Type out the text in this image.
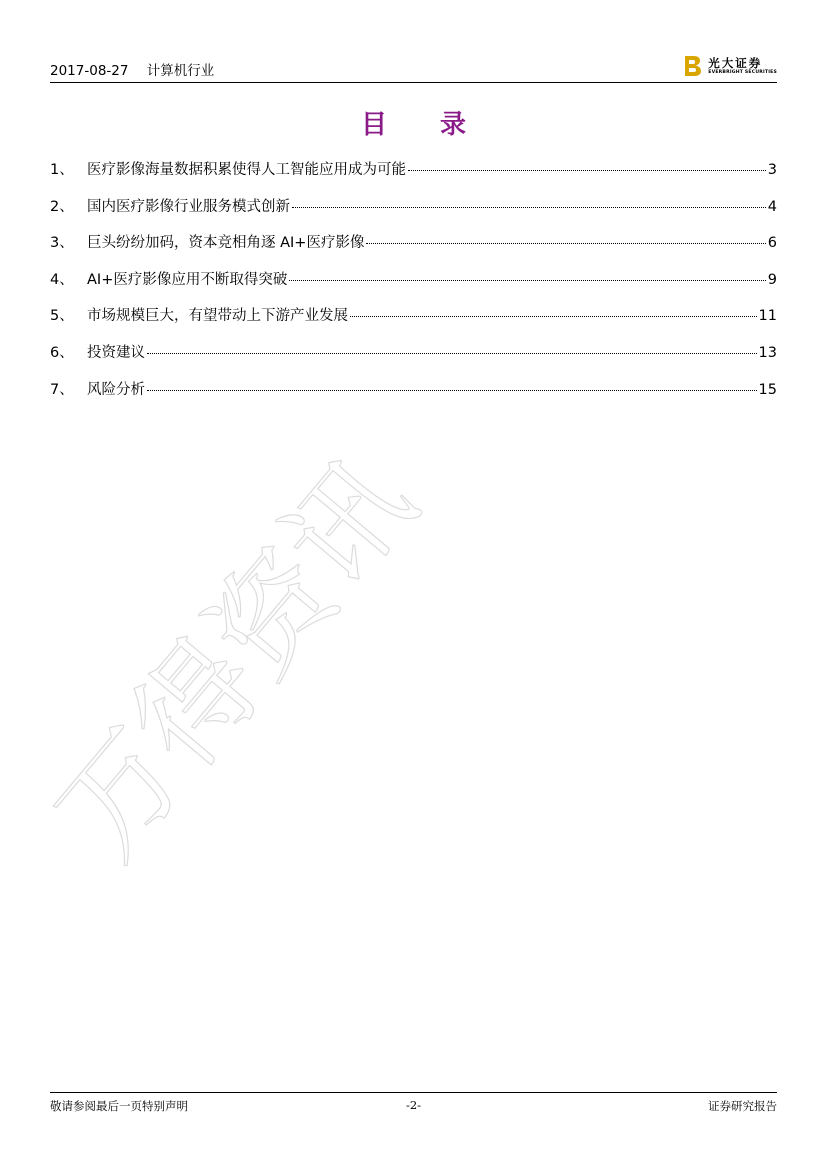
2017-08-27 计算机行业
光大证券
EVERBRIGHT SECURITIES
目 录
1、 医疗影像海量数据积累使得人工智能应用成为可能	3
2、 国内医疗影像行业服务模式创新	4
3、 巨头纷纷加码，资本竞相角逐 AI+医疗影像	6
4、 AI+医疗影像应用不断取得突破	9
5、 市场规模巨大，有望带动上下游产业发展	11
6、 投资建议	13
7、 风险分析	15
万得资讯
敬请参阅最后一页特别声明	-2-	证券研究报告
